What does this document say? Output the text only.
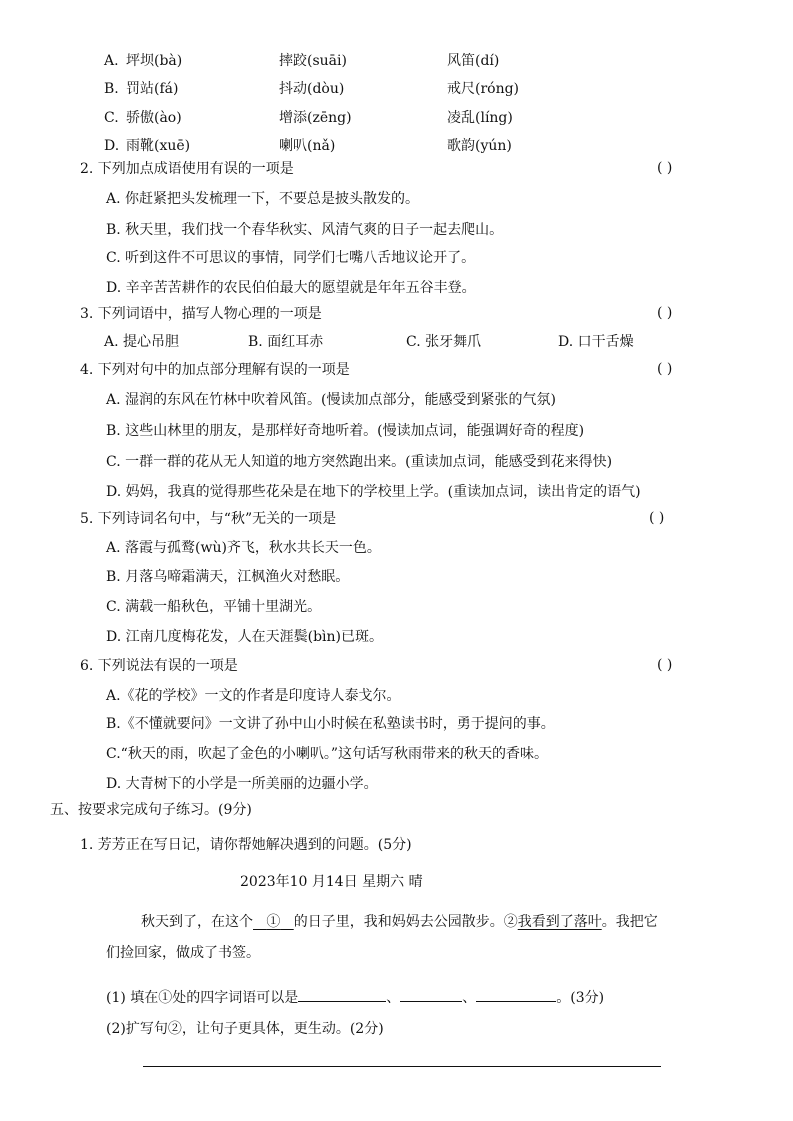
A. 坪坝(bà)	摔跤(suāi)	风笛(dí)
B. 罚站(fá)	抖动(dòu)	戒尺(róng)
C. 骄傲(ào)	增添(zēng)	凌乱(líng)
D. 雨靴(xuē)	喇叭(nǎ)	歌韵(yún)
2. 下列加点成语使用有误的一项是	( )
A. 你赶紧把头发梳理一下，不要总是披头散发的。
B. 秋天里，我们找一个春华秋实、风清气爽的日子一起去爬山。
C. 听到这件不可思议的事情，同学们七嘴八舌地议论开了。
D. 辛辛苦苦耕作的农民伯伯最大的愿望就是年年五谷丰登。
3. 下列词语中，描写人物心理的一项是	( )
A. 提心吊胆	B. 面红耳赤	C. 张牙舞爪	D. 口干舌燥
4. 下列对句中的加点部分理解有误的一项是	( )
A. 湿润的东风在竹林中吹着风笛。(慢读加点部分，能感受到紧张的气氛)
B. 这些山林里的朋友，是那样好奇地听着。(慢读加点词，能强调好奇的程度)
C. 一群一群的花从无人知道的地方突然跑出来。(重读加点词，能感受到花来得快)
D. 妈妈，我真的觉得那些花朵是在地下的学校里上学。(重读加点词，读出肯定的语气)
5. 下列诗词名句中，与“秋”无关的一项是	( )
A. 落霞与孤鹜(wù)齐飞，秋水共长天一色。
B. 月落乌啼霜满天，江枫渔火对愁眠。
C. 满载一船秋色，平铺十里湖光。
D. 江南几度梅花发，人在天涯鬓(bìn)已斑。
6. 下列说法有误的一项是	( )
A.《花的学校》一文的作者是印度诗人泰戈尔。
B.《不懂就要问》一文讲了孙中山小时候在私塾读书时，勇于提问的事。
C.“秋天的雨，吹起了金色的小喇叭。”这句话写秋雨带来的秋天的香味。
D. 大青树下的小学是一所美丽的边疆小学。
五、按要求完成句子练习。(9分)
1. 芳芳正在写日记，请你帮她解决遇到的问题。(5分)
2023年10 月14日 星期六 晴
秋天到了，在这个 ① 的日子里，我和妈妈去公园散步。②我看到了落叶。我把它
们捡回家，做成了书签。
(1) 填在①处的四字词语可以是	、	、	。(3分)
(2)扩写句②，让句子更具体，更生动。(2分)
